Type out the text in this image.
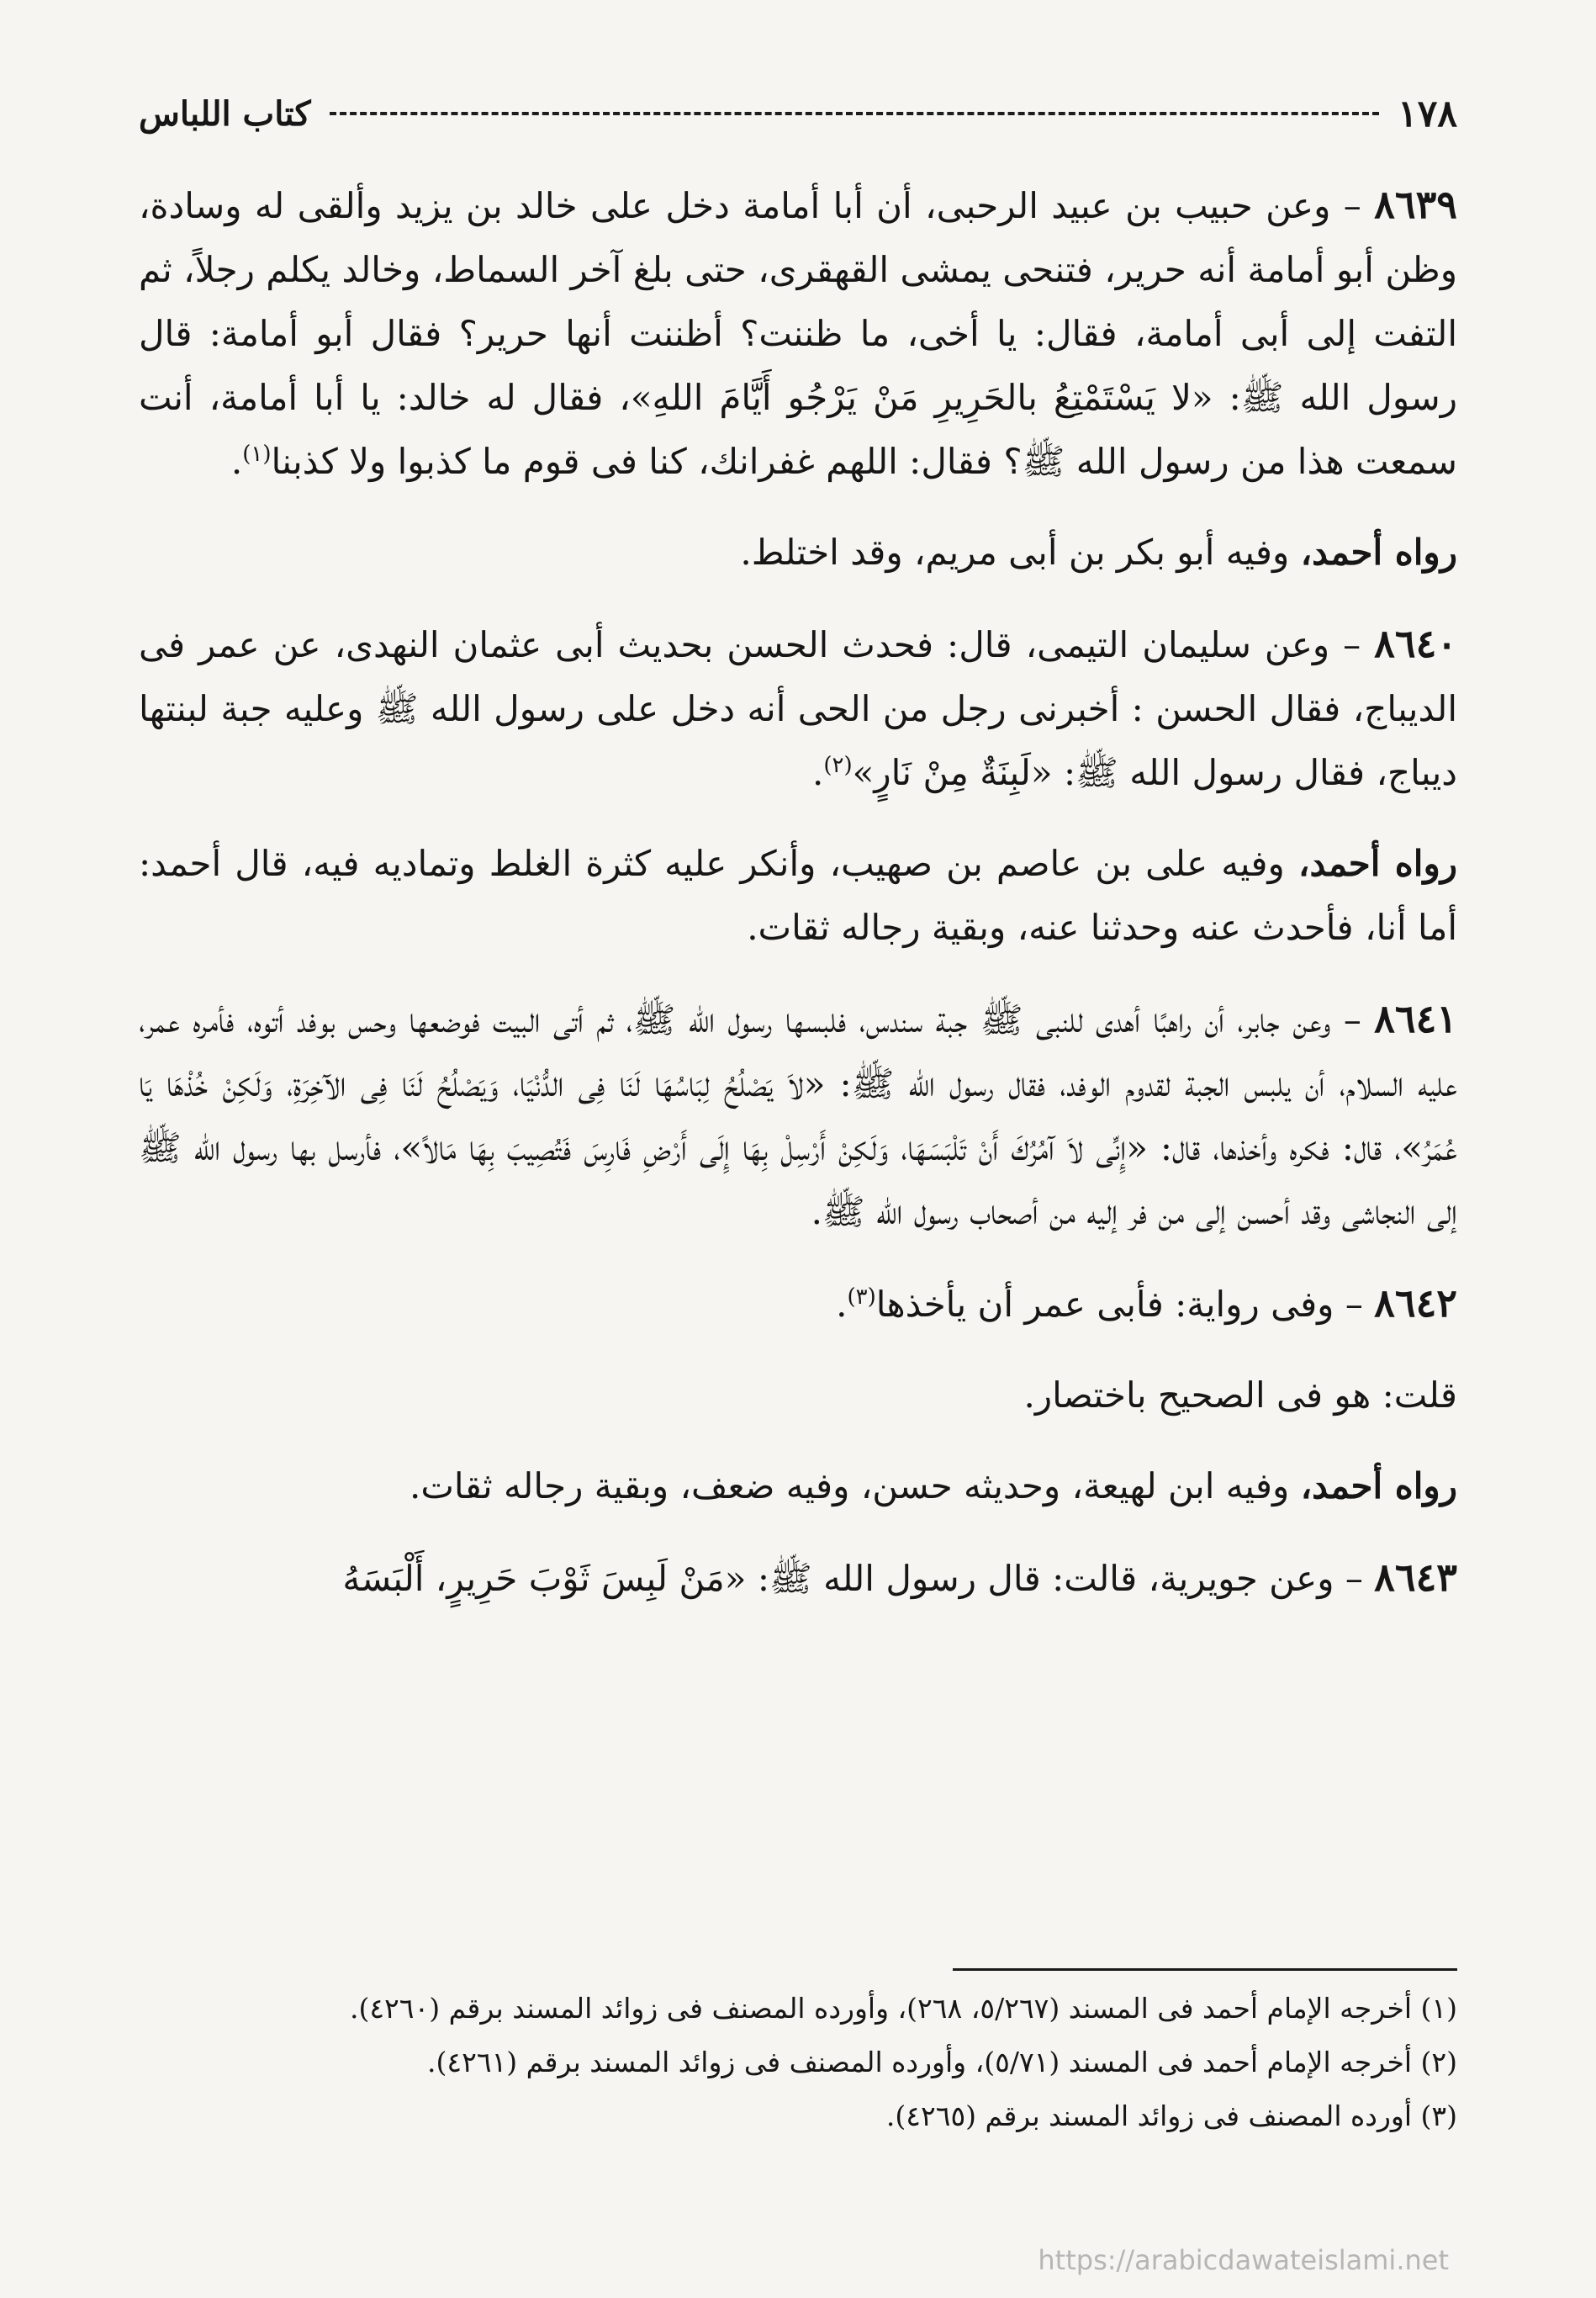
١٧٨
كتاب اللباس

٨٦٣٩ – وعن حبيب بن عبيد الرحبى، أن أبا أمامة دخل على خالد بن يزيد وألقى له وسادة، وظن أبو أمامة أنه حرير، فتنحى يمشى القهقرى، حتى بلغ آخر السماط، وخالد يكلم رجلاً، ثم التفت إلى أبى أمامة، فقال: يا أخى، ما ظننت؟ أظننت أنها حرير؟ فقال أبو أمامة: قال رسول الله ﷺ: «لا يَسْتَمْتِعُ بالحَرِيرِ مَنْ يَرْجُو أَيَّامَ اللهِ»، فقال له خالد: يا أبا أمامة، أنت سمعت هذا من رسول الله ﷺ؟ فقال: اللهم غفرانك، كنا فى قوم ما كذبوا ولا كذبنا$^{(١)}$.

رواه أحمد، وفيه أبو بكر بن أبى مريم، وقد اختلط.

٨٦٤٠ – وعن سليمان التيمى، قال: فحدث الحسن بحديث أبى عثمان النهدى، عن عمر فى الديباج، فقال الحسن : أخبرنى رجل من الحى أنه دخل على رسول الله ﷺ وعليه جبة لبنتها ديباج، فقال رسول الله ﷺ: «لَبِنَةٌ مِنْ نَارٍ»$^{(٢)}$.

رواه أحمد، وفيه على بن عاصم بن صهيب، وأنكر عليه كثرة الغلط وتماديه فيه، قال أحمد: أما أنا، فأحدث عنه وحدثنا عنه، وبقية رجاله ثقات.

٨٦٤١ – وعن جابر، أن راهبًا أهدى للنبى ﷺ جبة سندس، فلبسها رسول الله ﷺ، ثم أتى البيت فوضعها وحس بوفد أتوه، فأمره عمر، عليه السلام، أن يلبس الجبة لقدوم الوفد، فقال رسول الله ﷺ: «لاَ يَصْلُحُ لِبَاسُهَا لَنَا فِى الدُّنْيَا، وَيَصْلُحُ لَنَا فِى الآخِرَةِ، وَلَكِنْ خُذْهَا يَا عُمَرُ»، قال: فكره وأخذها، قال: «إِنِّى لاَ آمُرُكَ أَنْ تَلْبَسَهَا، وَلَكِنْ أَرْسِلْ بِهَا إِلَى أَرْضِ فَارِسَ فَتُصِيبَ بِهَا مَالاً»، فأرسل بها رسول الله ﷺ إلى النجاشى وقد أحسن إلى من فر إليه من أصحاب رسول الله ﷺ.

٨٦٤٢ – وفى رواية: فأبى عمر أن يأخذها$^{(٣)}$.

قلت: هو فى الصحيح باختصار.

رواه أحمد، وفيه ابن لهيعة، وحديثه حسن، وفيه ضعف، وبقية رجاله ثقات.

٨٦٤٣ – وعن جويرية، قالت: قال رسول الله ﷺ: «مَنْ لَبِسَ ثَوْبَ حَرِيرٍ، أَلْبَسَهُ

(١) أخرجه الإمام أحمد فى المسند (٥/٢٦٧، ٢٦٨)، وأورده المصنف فى زوائد المسند برقم (٤٢٦٠).

(٢) أخرجه الإمام أحمد فى المسند (٥/٧١)، وأورده المصنف فى زوائد المسند برقم (٤٢٦١).

(٣) أورده المصنف فى زوائد المسند برقم (٤٢٦٥).

https://arabicdawateislami.net
